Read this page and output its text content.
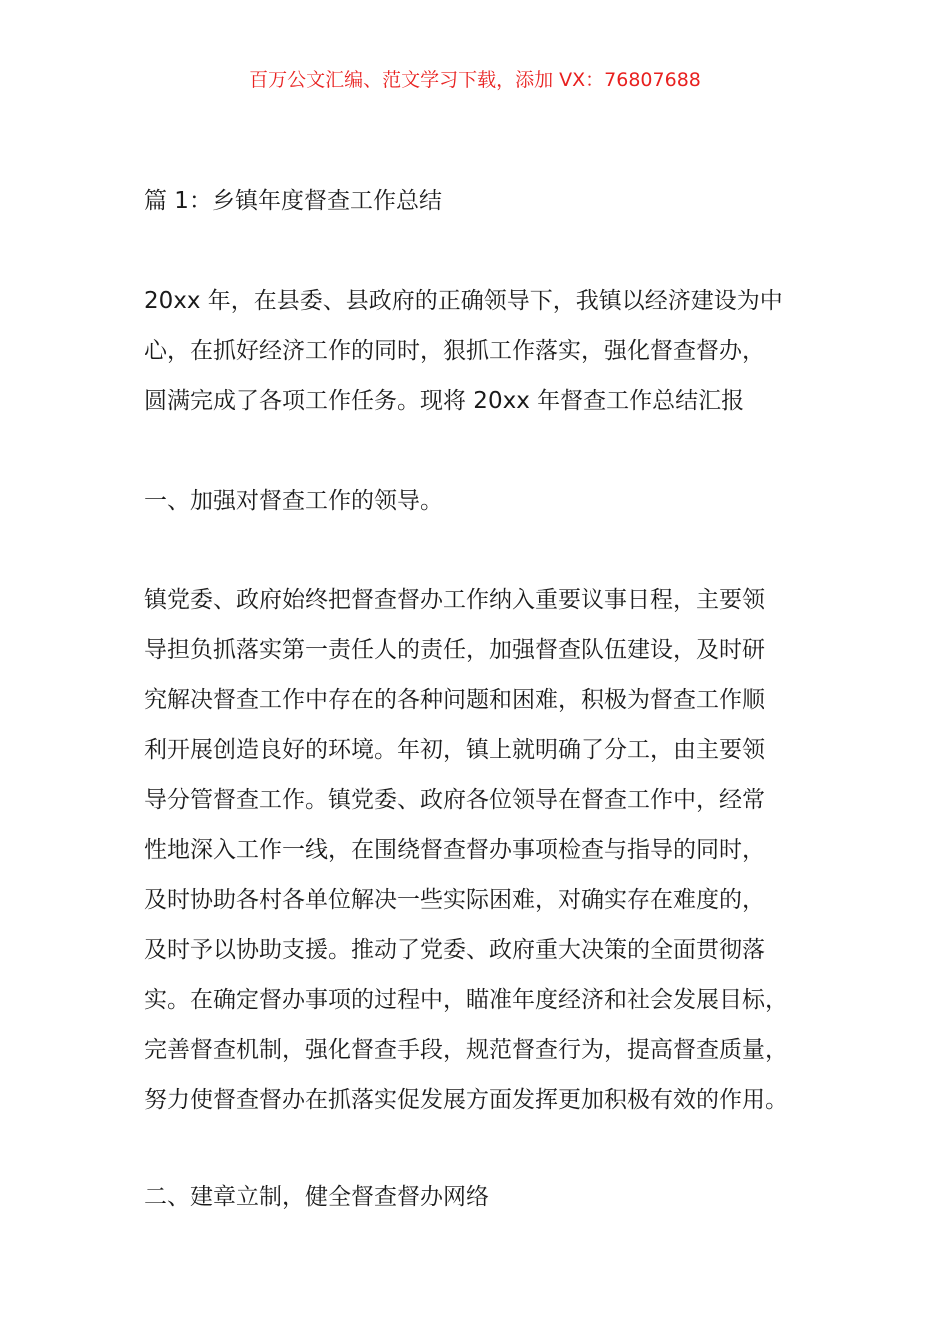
百万公文汇编、范文学习下载，添加 VX：76807688
篇 1：乡镇年度督查工作总结
20xx 年，在县委、县政府的正确领导下，我镇以经济建设为中
心，在抓好经济工作的同时，狠抓工作落实，强化督查督办，
圆满完成了各项工作任务。现将 20xx 年督查工作总结汇报
一、加强对督查工作的领导。
镇党委、政府始终把督查督办工作纳入重要议事日程，主要领
导担负抓落实第一责任人的责任，加强督查队伍建设，及时研
究解决督查工作中存在的各种问题和困难，积极为督查工作顺
利开展创造良好的环境。年初，镇上就明确了分工，由主要领
导分管督查工作。镇党委、政府各位领导在督查工作中，经常
性地深入工作一线，在围绕督查督办事项检查与指导的同时，
及时协助各村各单位解决一些实际困难，对确实存在难度的，
及时予以协助支援。推动了党委、政府重大决策的全面贯彻落
实。在确定督办事项的过程中，瞄准年度经济和社会发展目标，
完善督查机制，强化督查手段，规范督查行为，提高督查质量，
努力使督查督办在抓落实促发展方面发挥更加积极有效的作用。
二、建章立制，健全督查督办网络
